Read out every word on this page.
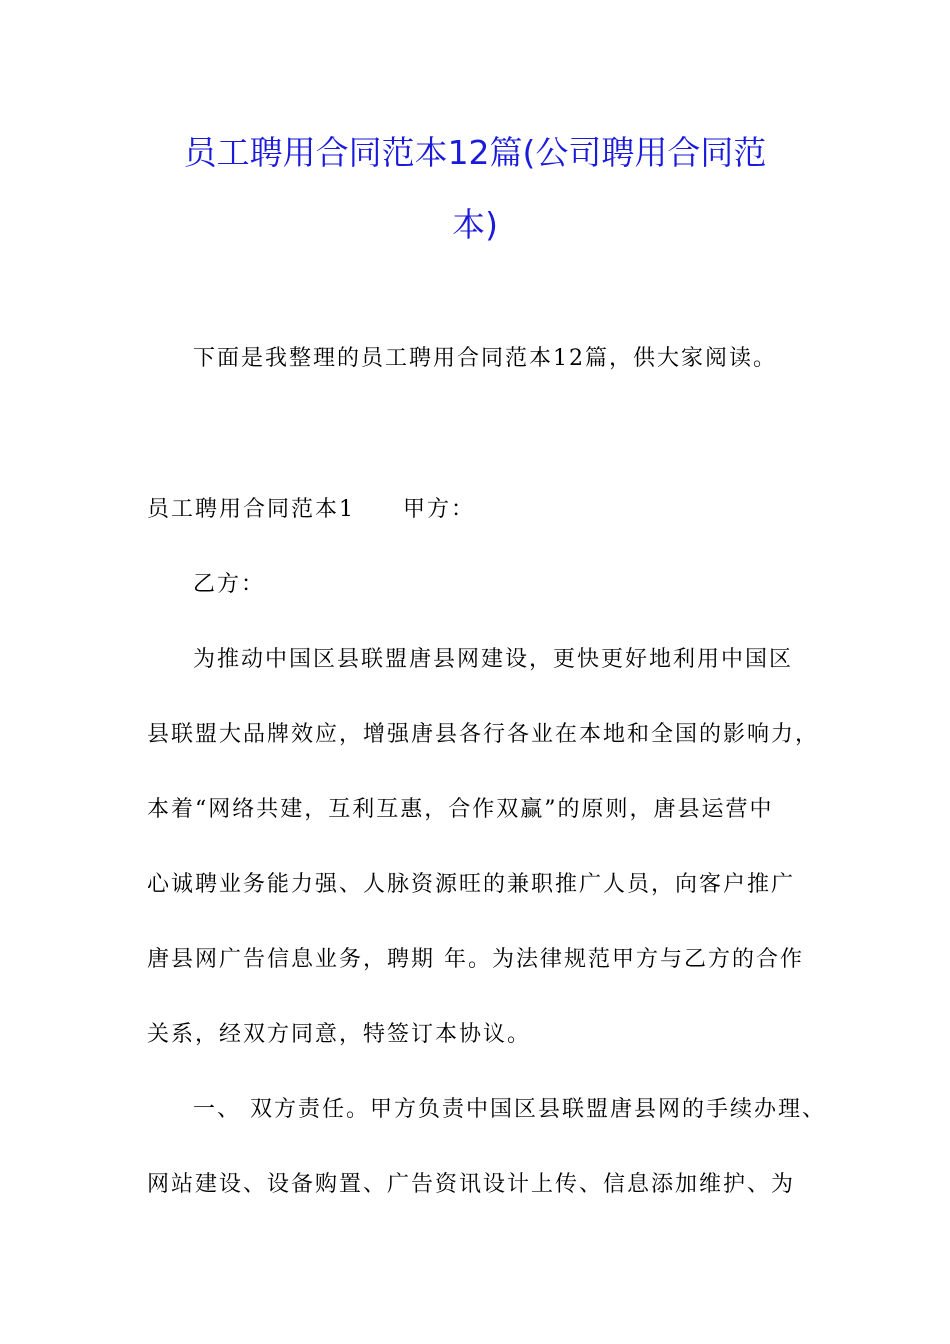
员工聘用合同范本12篇(公司聘用合同范
本)
下面是我整理的员工聘用合同范本12篇，供大家阅读。
员工聘用合同范本1　　甲方：
乙方：
为推动中国区县联盟唐县网建设，更快更好地利用中国区
县联盟大品牌效应，增强唐县各行各业在本地和全国的影响力，
本着“网络共建，互利互惠，合作双赢”的原则，唐县运营中
心诚聘业务能力强、人脉资源旺的兼职推广人员，向客户推广
唐县网广告信息业务，聘期 年。为法律规范甲方与乙方的合作
关系，经双方同意，特签订本协议。
一、 双方责任。甲方负责中国区县联盟唐县网的手续办理、
网站建设、设备购置、广告资讯设计上传、信息添加维护、为
